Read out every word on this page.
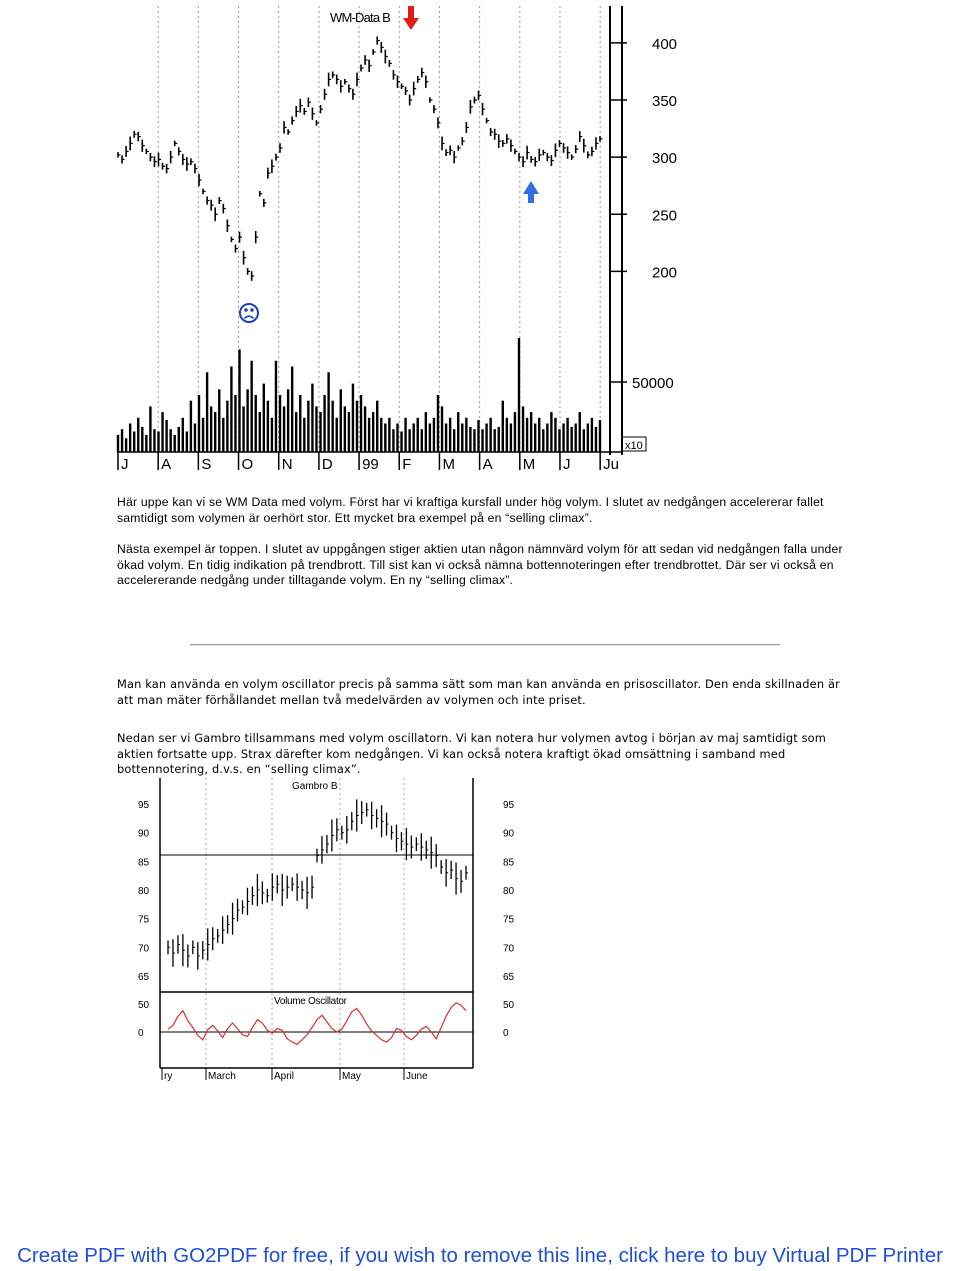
400
350
300
250
200
J A S O N D 99 F M A M J Ju
50000
x10
WM-Data B

Här uppe kan vi se WM Data med volym. Först har vi kraftiga kursfall under hög volym. I slutet av nedgången accelererar fallet samtidigt som volymen är oerhört stor. Ett mycket bra exempel på en “selling climax”.

Nästa exempel är toppen. I slutet av uppgången stiger aktien utan någon nämnvärd volym för att sedan vid nedgången falla under ökad volym. En tidig indikation på trendbrott. Till sist kan vi också nämna bottennoteringen efter trendbrottet. Där ser vi också en accelererande nedgång under tilltagande volym. En ny “selling climax”.

Man kan använda en volym oscillator precis på samma sätt som man kan använda en prisoscillator. Den enda skillnaden är att man mäter förhållandet mellan två medelvärden av volymen och inte priset.

Nedan ser vi Gambro tillsammans med volym oscillatorn. Vi kan notera hur volymen avtog i början av maj samtidigt som aktien fortsatte upp. Strax därefter kom nedgången. Vi kan också notera kraftigt ökad omsättning i samband med bottennotering, d.v.s. en “selling climax”.

95
90
85
80
75
70
65
50
0
95
90
85
80
75
70
65
50
0
ry	March	April	May	June
Gambro B
Volume Oscillator
Create PDF with GO2PDF for free, if you wish to remove this line, click here to buy Virtual PDF Printer
